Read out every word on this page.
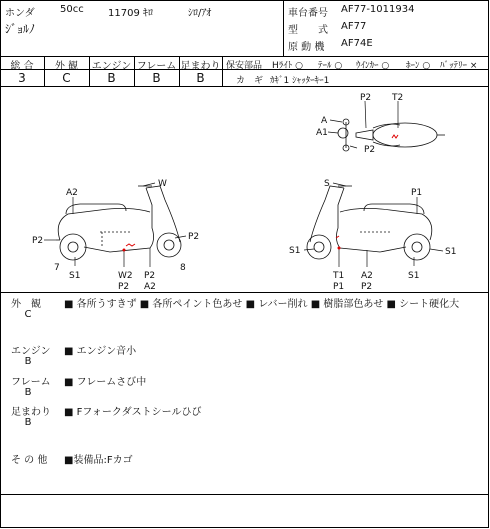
ホンダ	50cc 11709 ｷﾛ	ｼﾛ/ｱｵ
ｼﾞｮﾙﾉ
車台番号 AF77-1011934
型　　式 AF77
原 動 機 AF74E
総 合	外 観	エンジン フレーム 足まわり
3	C	B	B	B
保安部品 Hﾗｲﾄ ○ ﾃｰﾙ ○ ｳｲﾝｶｰ ○ ﾎｰﾝ ○ ﾊﾞｯﾃﾘｰ ×
カ　ギ ｶｷﾞ1 ｼｬｯﾀｰｷｰ1
P2 T2
A
A1
P2
W
A2
P2	P2
7
S1	W2
P2
P2
A2
8
S
P1
S1	S1
T1
P1
A2
P2
S1
外　観
C
■ 各所うすきず ■ 各所ペイント色あせ ■ レバー削れ ■ 樹脂部色あせ ■ シート硬化大
エンジン
B
■ エンジン音小
フレーム
B
■ フレームさび中
足まわり
B
■ Fフォークダストシールひび
そ の 他 ■装備品:Fカゴ
